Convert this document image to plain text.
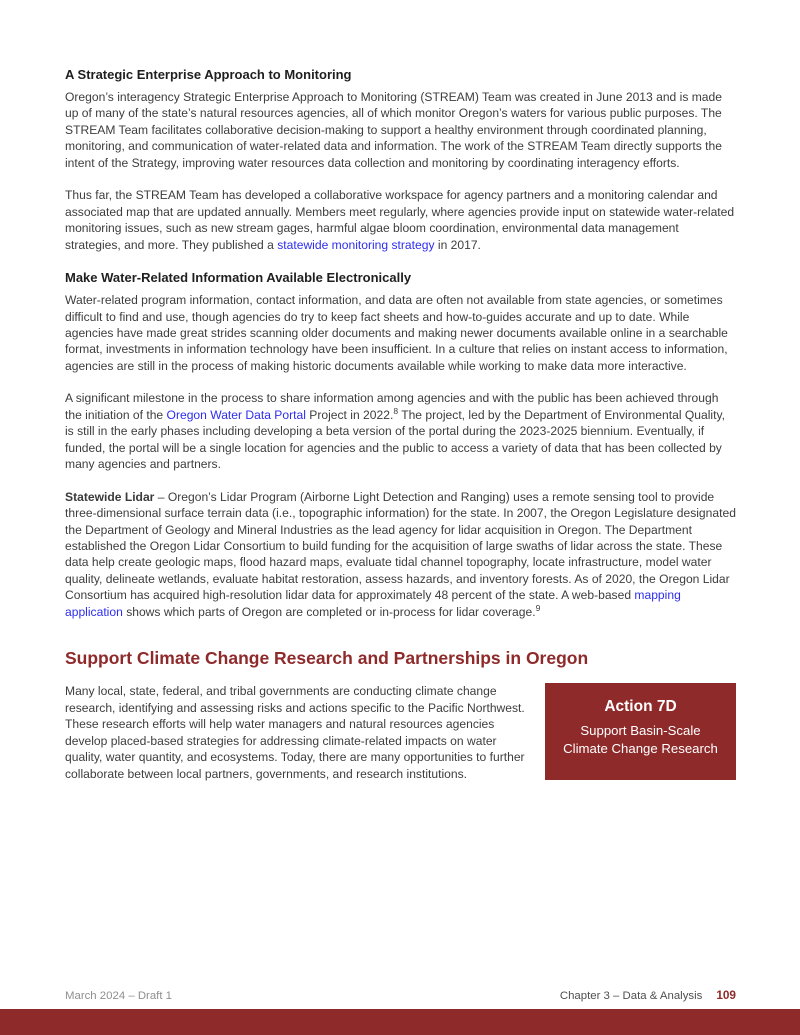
A Strategic Enterprise Approach to Monitoring

Oregon’s interagency Strategic Enterprise Approach to Monitoring (STREAM) Team was created in June 2013 and is made up of many of the state’s natural resources agencies, all of which monitor Oregon’s waters for various public purposes. The STREAM Team facilitates collaborative decision-making to support a healthy environment through coordinated planning, monitoring, and communication of water-related data and information. The work of the STREAM Team directly supports the intent of the Strategy, improving water resources data collection and monitoring by coordinating interagency efforts.

Thus far, the STREAM Team has developed a collaborative workspace for agency partners and a monitoring calendar and associated map that are updated annually. Members meet regularly, where agencies provide input on statewide water-related monitoring issues, such as new stream gages, harmful algae bloom coordination, environmental data management strategies, and more. They published a statewide monitoring strategy in 2017.

Make Water-Related Information Available Electronically

Water-related program information, contact information, and data are often not available from state agencies, or sometimes difficult to find and use, though agencies do try to keep fact sheets and how-to-guides accurate and up to date. While agencies have made great strides scanning older documents and making newer documents available online in a searchable format, investments in information technology have been insufficient. In a culture that relies on instant access to information, agencies are still in the process of making historic documents available while working to make data more interactive.

A significant milestone in the process to share information among agencies and with the public has been achieved through the initiation of the Oregon Water Data Portal Project in 2022.$^8$ The project, led by the Department of Environmental Quality, is still in the early phases including developing a beta version of the portal during the 2023-2025 biennium. Eventually, if funded, the portal will be a single location for agencies and the public to access a variety of data that has been collected by many agencies and partners.

Statewide Lidar – Oregon’s Lidar Program (Airborne Light Detection and Ranging) uses a remote sensing tool to provide three-dimensional surface terrain data (i.e., topographic information) for the state. In 2007, the Oregon Legislature designated the Department of Geology and Mineral Industries as the lead agency for lidar acquisition in Oregon. The Department established the Oregon Lidar Consortium to build funding for the acquisition of large swaths of lidar across the state. These data help create geologic maps, flood hazard maps, evaluate tidal channel topography, locate infrastructure, model water quality, delineate wetlands, evaluate habitat restoration, assess hazards, and inventory forests. As of 2020, the Oregon Lidar Consortium has acquired high-resolution lidar data for approximately 48 percent of the state. A web-based mapping application shows which parts of Oregon are completed or in-process for lidar coverage.$^9$

Support Climate Change Research and Partnerships in Oregon

Many local, state, federal, and tribal governments are conducting climate change research, identifying and assessing risks and actions specific to the Pacific Northwest. These research efforts will help water managers and natural resources agencies develop placed-based strategies for addressing climate-related impacts on water quality, water quantity, and ecosystems. Today, there are many opportunities to further collaborate between local partners, governments, and research institutions.

Action 7D
Support Basin-Scale
Climate Change Research
March 2024 – Draft 1	Chapter 3 – Data & Analysis 109
